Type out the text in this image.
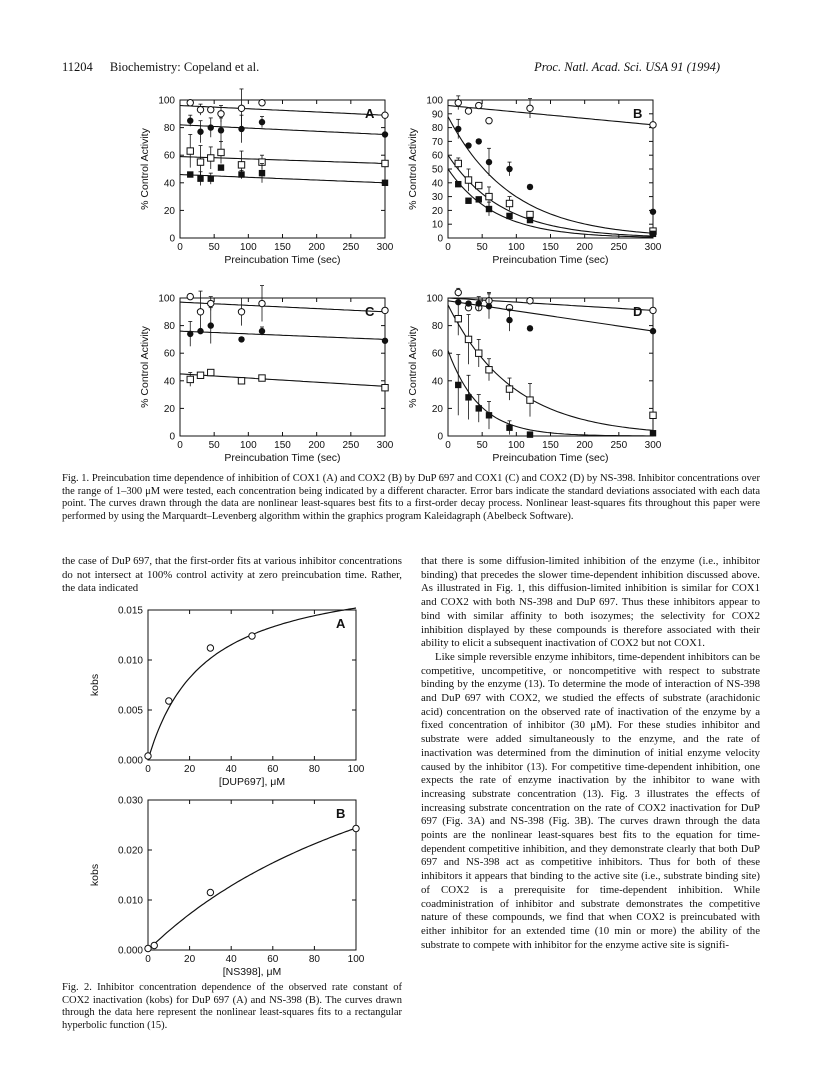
11204 Biochemistry: Copeland et al.	Proc. Natl. Acad. Sci. USA 91 (1994)
0	50 100 150 200 250 300
0
20
40
60
80
100
Preincubation Time (sec)
% Control Activity
A
0	50 100 150 200 250 300
0
10
20
30
40
50
60
70
80
90
100
Preincubation Time (sec)
% Control Activity
B
0	50 100 150 200 250 300
0
20
40
60
80
100
Preincubation Time (sec)
% Control Activity
C
0	50 100 150 200 250 300
0
20
40
60
80
100
Preincubation Time (sec)
% Control Activity
D
Fig. 1. Preincubation time dependence of inhibition of COX1 (A) and COX2 (B) by DuP 697 and COX1 (C) and COX2 (D) by NS-398. Inhibitor concentrations over the range of 1–300 μM were tested, each concentration being indicated by a different character. Error bars indicate the standard deviations associated with each data point. The curves drawn through the data are nonlinear least-squares best fits to a first-order decay process. Nonlinear least-squares fits throughout this paper were performed by using the Marquardt–Levenberg algorithm within the graphics program Kaleidagraph (Abelbeck Software).

the case of DuP 697, that the first-order fits at various inhibitor concentrations do not intersect at 100% control activity at zero preincubation time. Rather, the data indicated

0	20	40	60	80	100
0.000
0.005
0.010
0.015
[DUP697], μM
kobs
A
0	20	40	60	80	100
0.000
0.010
0.020
0.030
[NS398], μM
kobs
B
Fig. 2. Inhibitor concentration dependence of the observed rate constant of COX2 inactivation (kobs) for DuP 697 (A) and NS-398 (B). The curves drawn through the data here represent the nonlinear least-squares fits to a rectangular hyperbolic function (15).

that there is some diffusion-limited inhibition of the enzyme (i.e., inhibitor binding) that precedes the slower time-dependent inhibition discussed above. As illustrated in Fig. 1, this diffusion-limited inhibition is similar for COX1 and COX2 with both NS-398 and DuP 697. Thus these inhibitors appear to bind with similar affinity to both isozymes; the selectivity for COX2 inhibition displayed by these compounds is therefore associated with their ability to elicit a subsequent inactivation of COX2 but not COX1.

Like simple reversible enzyme inhibitors, time-dependent inhibitors can be competitive, uncompetitive, or noncompetitive with respect to substrate binding by the enzyme (13). To determine the mode of interaction of NS-398 and DuP 697 with COX2, we studied the effects of substrate (arachidonic acid) concentration on the observed rate of inactivation of the enzyme by a fixed concentration of inhibitor (30 μM). For these studies inhibitor and substrate were added simultaneously to the enzyme, and the rate of inactivation was determined from the diminution of initial enzyme velocity caused by the inhibitor (13). For competitive time-dependent inhibition, one expects the rate of enzyme inactivation by the inhibitor to wane with increasing substrate concentration (13). Fig. 3 illustrates the effects of increasing substrate concentration on the rate of COX2 inactivation for DuP 697 (Fig. 3A) and NS-398 (Fig. 3B). The curves drawn through the data points are the nonlinear least-squares best fits to the equation for time-dependent competitive inhibition, and they demonstrate clearly that both DuP 697 and NS-398 act as competitive inhibitors. Thus for both of these inhibitors it appears that binding to the active site (i.e., substrate binding site) of COX2 is a prerequisite for time-dependent inhibition. While coadministration of inhibitor and substrate demonstrates the competitive nature of these compounds, we find that when COX2 is preincubated with either inhibitor for an extended time (10 min or more) the ability of the substrate to compete with inhibitor for the enzyme active site is signifi-
